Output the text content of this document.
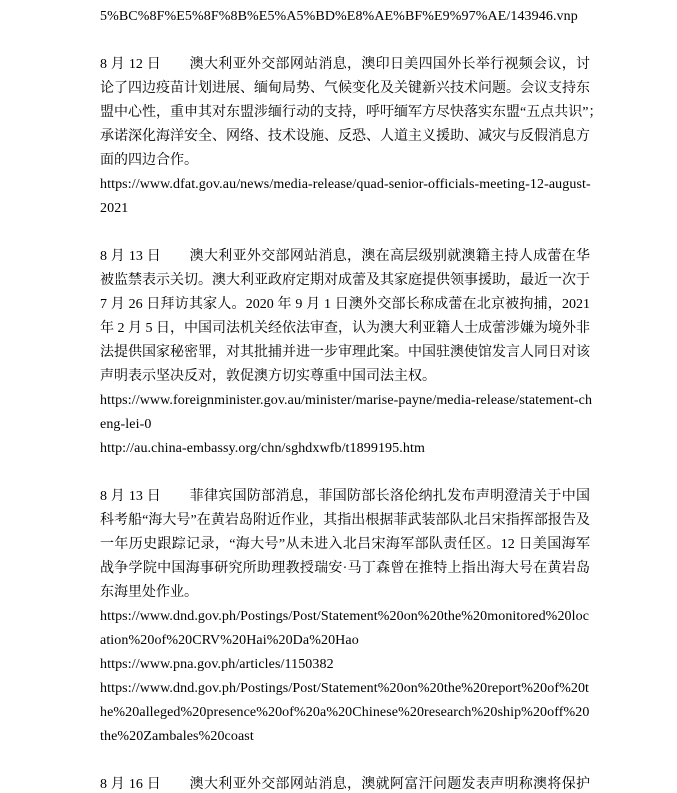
5%BC%8F%E5%8F%8B%E5%A5%BD%E8%AE%BF%E9%97%AE/143946.vnp
8 月 12 日　　澳大利亚外交部网站消息，澳印日美四国外长举行视频会议，讨
论了四边疫苗计划进展、缅甸局势、气候变化及关键新兴技术问题。会议支持东
盟中心性，重申其对东盟涉缅行动的支持，呼吁缅军方尽快落实东盟“五点共识”；
承诺深化海洋安全、网络、技术设施、反恐、人道主义援助、减灾与反假消息方
面的四边合作。
https://www.dfat.gov.au/news/media-release/quad-senior-officials-meeting-12-august-
2021
8 月 13 日　　澳大利亚外交部网站消息，澳在高层级别就澳籍主持人成蕾在华
被监禁表示关切。澳大利亚政府定期对成蕾及其家庭提供领事援助，最近一次于
7 月 26 日拜访其家人。2020 年 9 月 1 日澳外交部长称成蕾在北京被拘捕，2021
年 2 月 5 日，中国司法机关经依法审查，认为澳大利亚籍人士成蕾涉嫌为境外非
法提供国家秘密罪，对其批捕并进一步审理此案。中国驻澳使馆发言人同日对该
声明表示坚决反对，敦促澳方切实尊重中国司法主权。
https://www.foreignminister.gov.au/minister/marise-payne/media-release/statement-ch
eng-lei-0
http://au.china-embassy.org/chn/sghdxwfb/t1899195.htm
8 月 13 日　　菲律宾国防部消息，菲国防部长洛伦纳扎发布声明澄清关于中国
科考船“海大号”在黄岩岛附近作业，其指出根据菲武装部队北吕宋指挥部报告及
一年历史跟踪记录，“海大号”从未进入北吕宋海军部队责任区。12 日美国海军
战争学院中国海事研究所助理教授瑞安·马丁森曾在推特上指出海大号在黄岩岛
东海里处作业。
https://www.dnd.gov.ph/Postings/Post/Statement%20on%20the%20monitored%20loc
ation%20of%20CRV%20Hai%20Da%20Hao
https://www.pna.gov.ph/articles/1150382
https://www.dnd.gov.ph/Postings/Post/Statement%20on%20the%20report%20of%20t
he%20alleged%20presence%20of%20a%20Chinese%20research%20ship%20off%20
the%20Zambales%20coast
8 月 16 日　　澳大利亚外交部网站消息，澳就阿富汗问题发表声明称澳将保护
